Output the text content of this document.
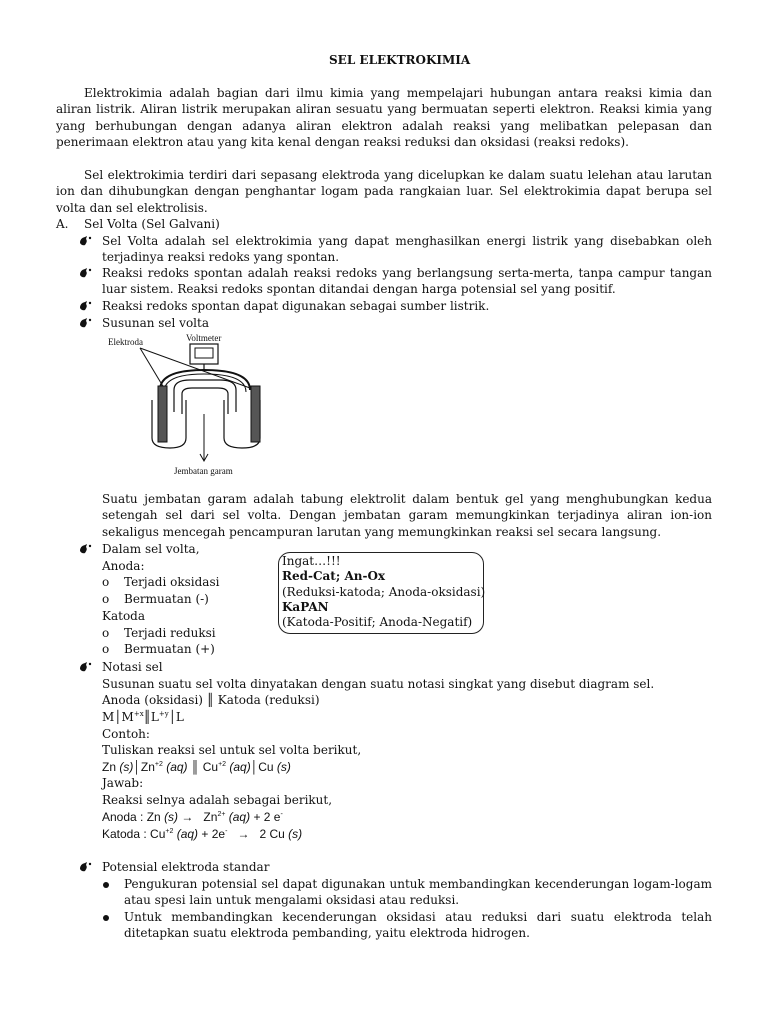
SEL ELEKTROKIMIA
Elektrokimia adalah bagian dari ilmu kimia yang mempelajari hubungan antara reaksi kimia dan aliran listrik. Aliran listrik merupakan aliran sesuatu yang bermuatan seperti elektron. Reaksi kimia yang yang berhubungan dengan adanya aliran elektron adalah reaksi yang melibatkan pelepasan dan penerimaan elektron atau yang kita kenal dengan reaksi reduksi dan oksidasi (reaksi redoks).
Sel elektrokimia terdiri dari sepasang elektroda yang dicelupkan ke dalam suatu lelehan atau larutan ion dan dihubungkan dengan penghantar logam pada rangkaian luar. Sel elektrokimia dapat berupa sel volta dan sel elektrolisis.
A. Sel Volta (Sel Galvani)
Sel Volta adalah sel elektrokimia yang dapat menghasilkan energi listrik yang disebabkan oleh terjadinya reaksi redoks yang spontan.
Reaksi redoks spontan adalah reaksi redoks yang berlangsung serta-merta, tanpa campur tangan luar sistem. Reaksi redoks spontan ditandai dengan harga potensial sel yang positif.
Reaksi redoks spontan dapat digunakan sebagai sumber listrik.
Susunan sel volta
Elektroda	Voltmeter
Jembatan garam
Suatu jembatan garam adalah tabung elektrolit dalam bentuk gel yang menghubungkan kedua setengah sel dari sel volta. Dengan jembatan garam memungkinkan terjadinya aliran ion-ion sekaligus mencegah pencampuran larutan yang memungkinkan reaksi sel secara langsung.
Dalam sel volta,
Anoda:
o Terjadi oksidasi
o Bermuatan (-)
Katoda
o Terjadi reduksi
o Bermuatan (+)
Ingat…!!!
Red-Cat; An-Ox
(Reduksi-katoda; Anoda-oksidasi)
KaPAN
(Katoda-Positif; Anoda-Negatif)
Notasi sel
Susunan suatu sel volta dinyatakan dengan suatu notasi singkat yang disebut diagram sel.
Anoda (oksidasi) ║ Katoda (reduksi)
$M│M^{+x}║L^{+y}│L$
Contoh:
Tuliskan reaksi sel untuk sel volta berikut,
Zn $(s)│Zn^{+2}$ (aq) ║ $Cu^{+2}$ (aq)│Cu (s)
Jawab:
Reaksi selnya adalah sebagai berikut,
Anoda : Zn $(s) \to Zn^{2+}$ (aq) + 2 e-
Katoda : $Cu^{+2}$ (aq) + 2e- → 2 Cu (s)
Potensial elektroda standar
Pengukuran potensial sel dapat digunakan untuk membandingkan kecenderungan logam-logam atau spesi lain untuk mengalami oksidasi atau reduksi.
Untuk membandingkan kecenderungan oksidasi atau reduksi dari suatu elektroda telah ditetapkan suatu elektroda pembanding, yaitu elektroda hidrogen.
